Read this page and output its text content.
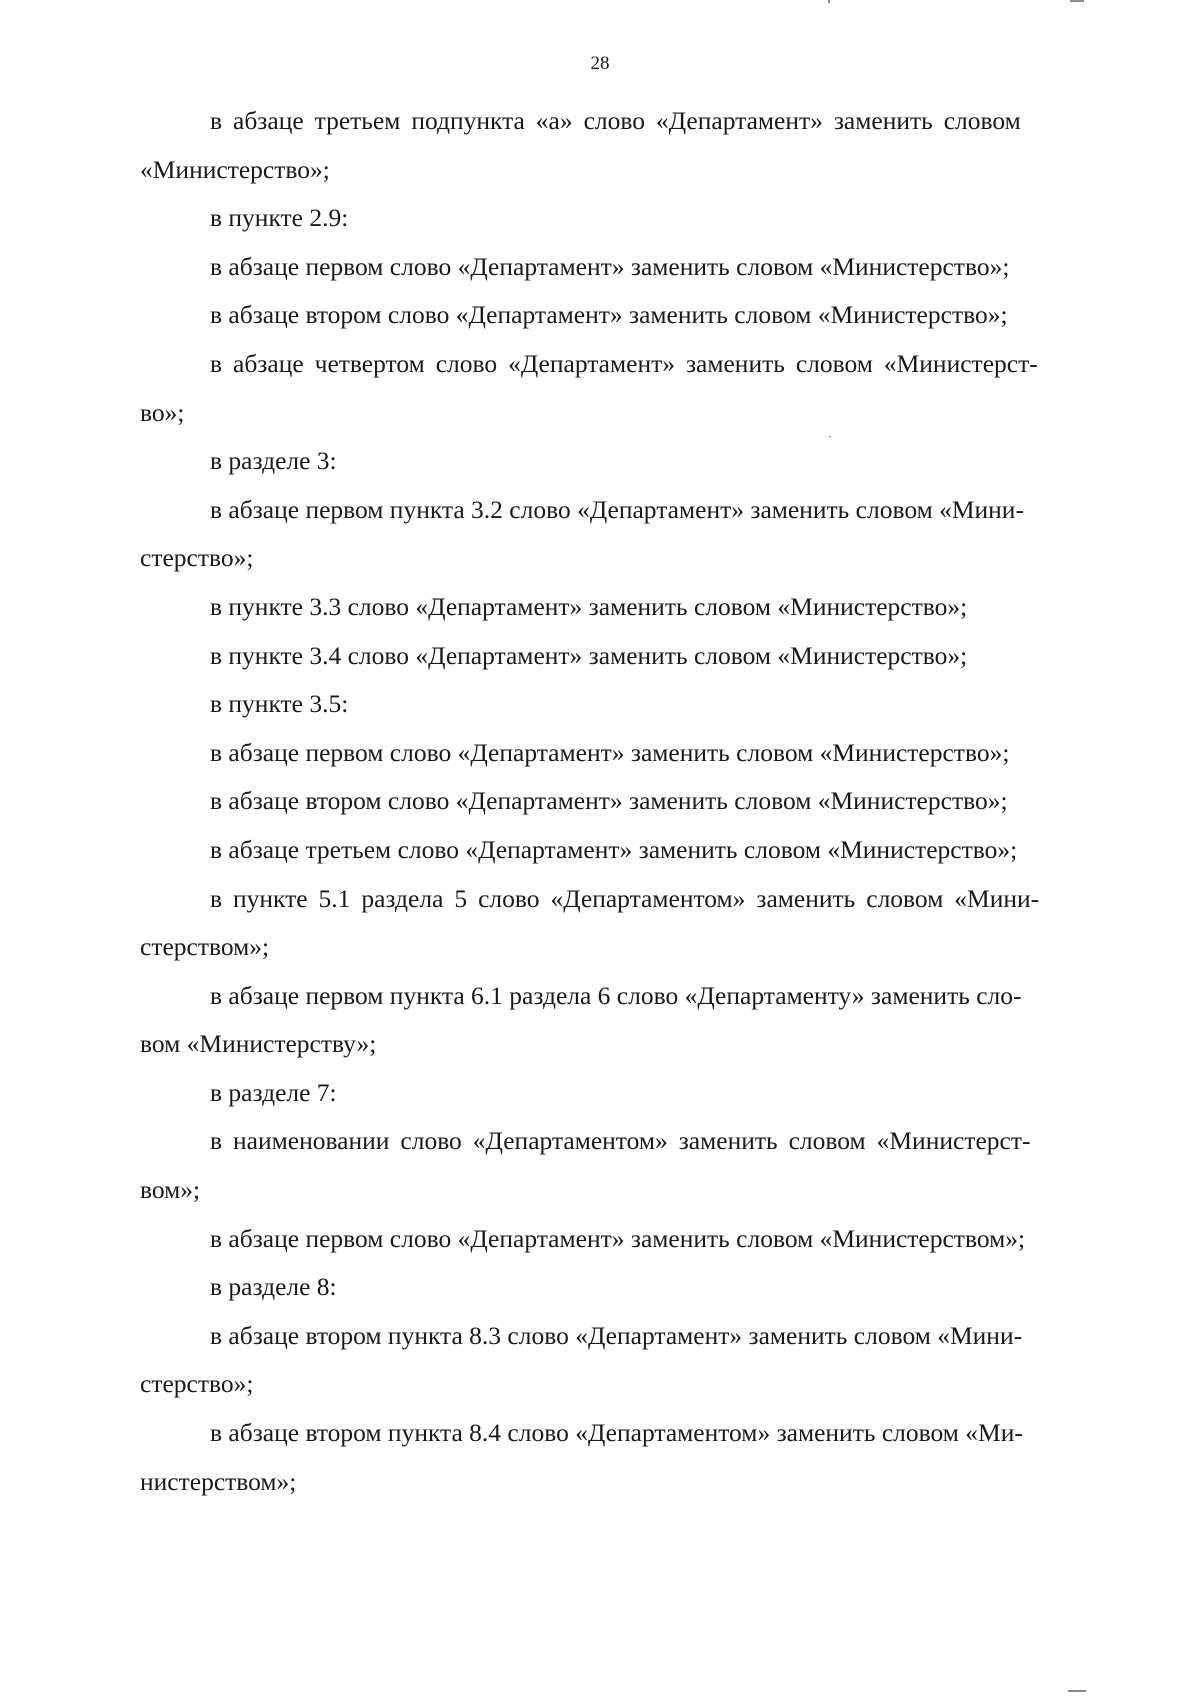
28

в абзаце третьем подпункта «а» слово «Департамент» заменить словом

«Министерство»;

в пункте 2.9:

в абзаце первом слово «Департамент» заменить словом «Министерство»;

в абзаце втором слово «Департамент» заменить словом «Министерство»;

в абзаце четвертом слово «Департамент» заменить словом «Министерст-

во»;

в разделе 3:

в абзаце первом пункта 3.2 слово «Департамент» заменить словом «Мини-

стерство»;

в пункте 3.3 слово «Департамент» заменить словом «Министерство»;

в пункте 3.4 слово «Департамент» заменить словом «Министерство»;

в пункте 3.5:

в абзаце первом слово «Департамент» заменить словом «Министерство»;

в абзаце втором слово «Департамент» заменить словом «Министерство»;

в абзаце третьем слово «Департамент» заменить словом «Министерство»;

в пункте 5.1 раздела 5 слово «Департаментом» заменить словом «Мини-

стерством»;

в абзаце первом пункта 6.1 раздела 6 слово «Департаменту» заменить сло-

вом «Министерству»;

в разделе 7:

в наименовании слово «Департаментом» заменить словом «Министерст-

вом»;

в абзаце первом слово «Департамент» заменить словом «Министерством»;

в разделе 8:

в абзаце втором пункта 8.3 слово «Департамент» заменить словом «Мини-

стерство»;

в абзаце втором пункта 8.4 слово «Департаментом» заменить словом «Ми-

нистерством»;
